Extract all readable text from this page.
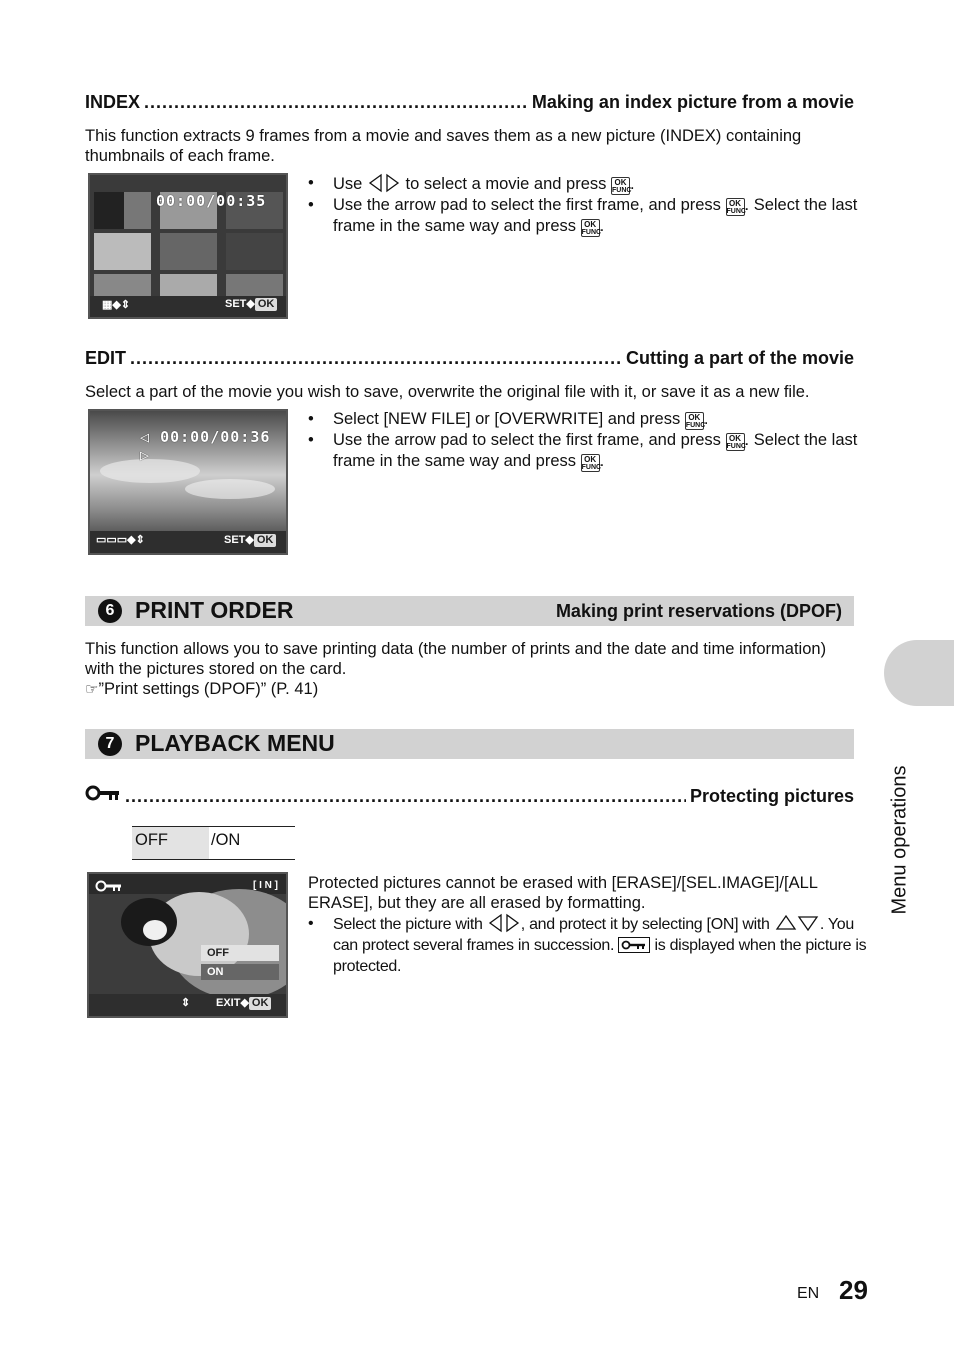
INDEX .....	Making an index picture from a movie
This function extracts 9 frames from a movie and saves them as a new picture (INDEX) containing thumbnails of each frame.
00:00/00:35
▦◆⇕	SET◆ OK
• Use	to select a movie and press	OK
FUNC.
• Use the arrow pad to select the first frame, and press	OK
FUNC. Select the last frame in the same way and press	OK
FUNC.
EDIT .....	Cutting a part of the movie
Select a part of the movie you wish to save, overwrite the original file with it, or save it as a new file.
◁ 00:00/00:36 ▷
▭▭▭◆⇕	SET◆ OK
• Select [NEW FILE] or [OVERWRITE] and press	OK
FUNC.
• Use the arrow pad to select the first frame, and press	OK
FUNC. Select the last frame in the same way and press	OK
FUNC.
6 PRINT ORDER	Making print reservations (DPOF)
This function allows you to save printing data (the number of prints and the date and time information) with the pictures stored on the card.
☞”Print settings (DPOF)” (P. 41)
7 PLAYBACK MENU
.....
Protecting pictures
OFF	/ON
[ I N ]
OFF
ON
⇕ EXIT◆ OK
Protected pictures cannot be erased with [ERASE]/[SEL.IMAGE]/[ALL ERASE], but they are all erased by formatting.
• Select the picture with , and protect it by selecting [ON] with	. You can protect several frames in succession.	is displayed when the picture is protected.
Menu operations
EN 29
